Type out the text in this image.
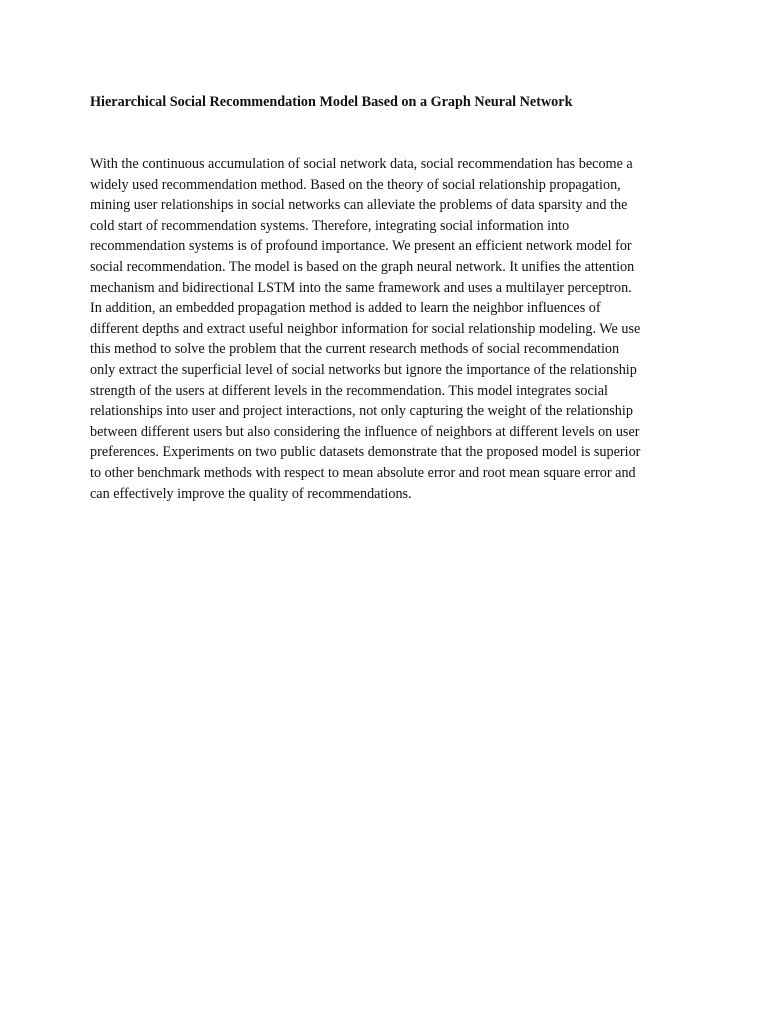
Hierarchical Social Recommendation Model Based on a Graph Neural Network

With the continuous accumulation of social network data, social recommendation has become a
widely used recommendation method. Based on the theory of social relationship propagation,
mining user relationships in social networks can alleviate the problems of data sparsity and the
cold start of recommendation systems. Therefore, integrating social information into
recommendation systems is of profound importance. We present an efficient network model for
social recommendation. The model is based on the graph neural network. It unifies the attention
mechanism and bidirectional LSTM into the same framework and uses a multilayer perceptron.
In addition, an embedded propagation method is added to learn the neighbor influences of
different depths and extract useful neighbor information for social relationship modeling. We use
this method to solve the problem that the current research methods of social recommendation
only extract the superficial level of social networks but ignore the importance of the relationship
strength of the users at different levels in the recommendation. This model integrates social
relationships into user and project interactions, not only capturing the weight of the relationship
between different users but also considering the influence of neighbors at different levels on user
preferences. Experiments on two public datasets demonstrate that the proposed model is superior
to other benchmark methods with respect to mean absolute error and root mean square error and
can effectively improve the quality of recommendations.
